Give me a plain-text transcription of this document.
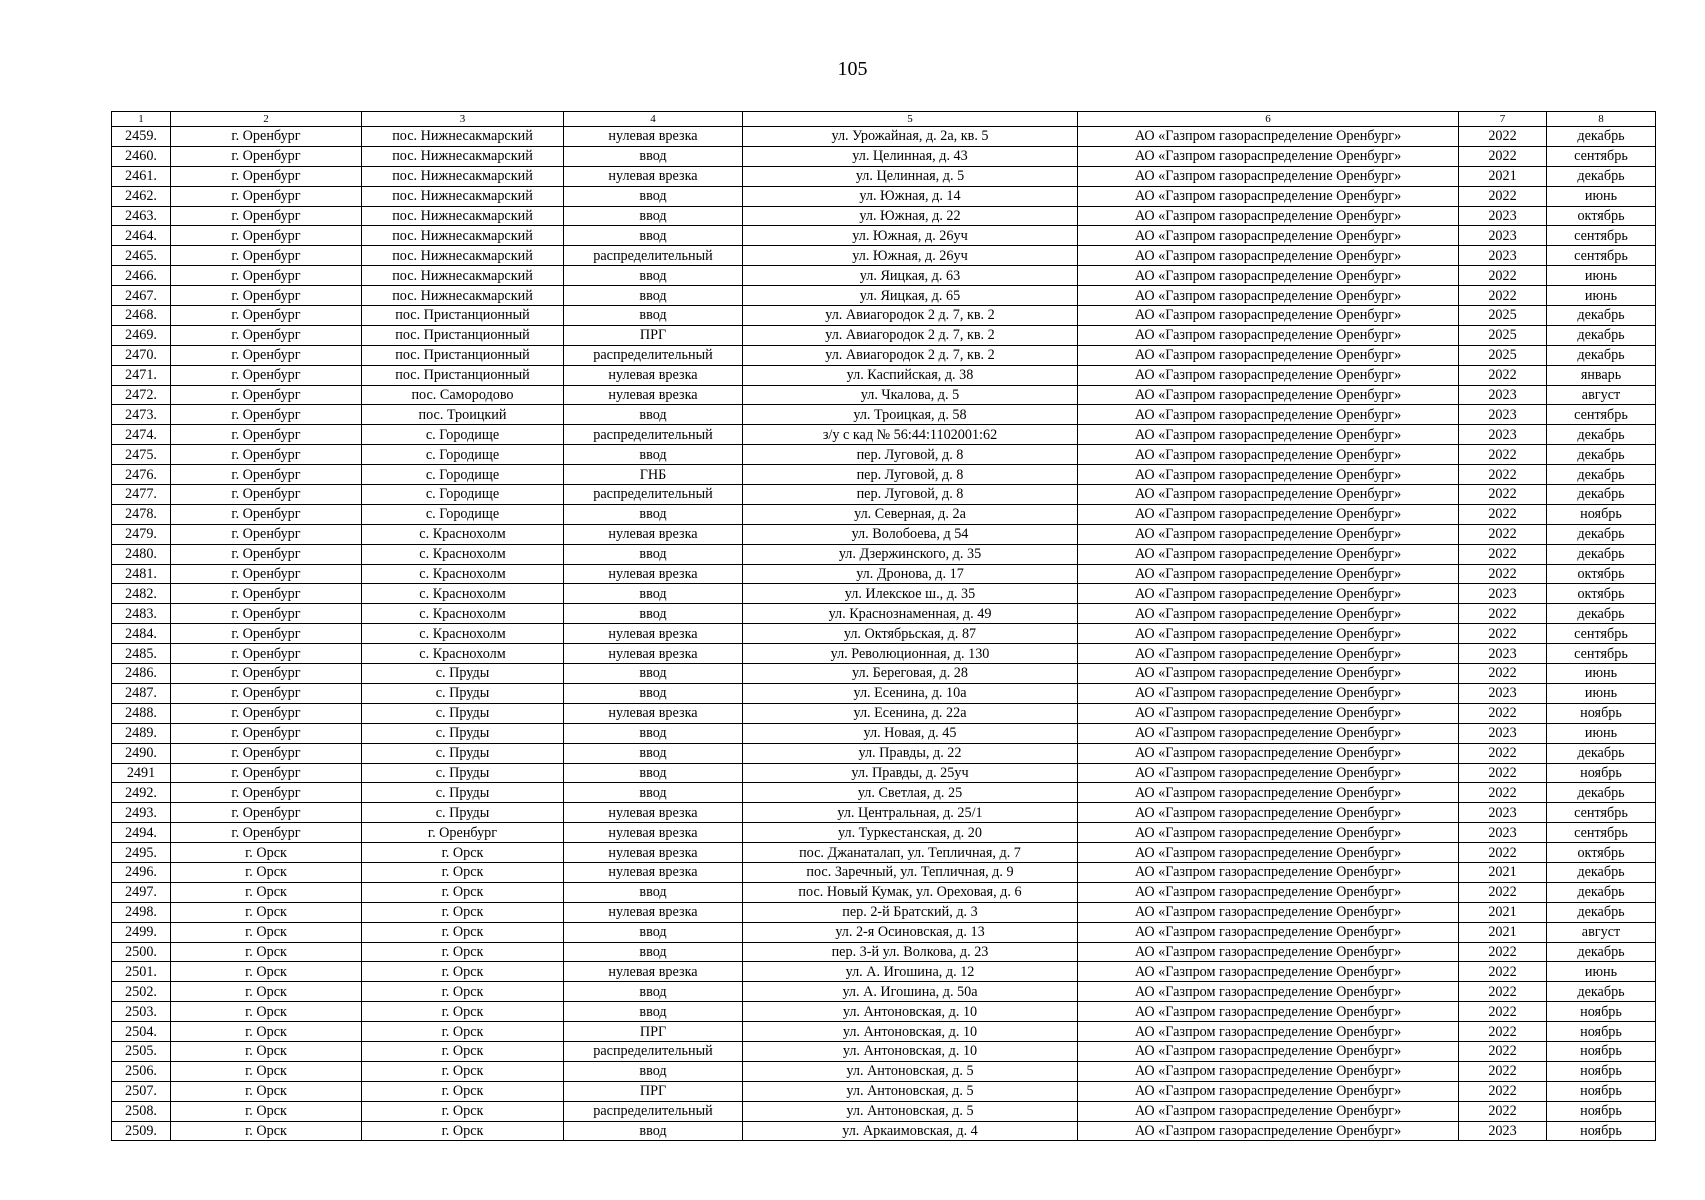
105
1	2	3	4	5	6	7	8
2459.	г. Оренбург	пос. Нижнесакмарский	нулевая врезка	ул. Урожайная, д. 2а, кв. 5	АО «Газпром газораспределение Оренбург»	2022	декабрь
2460.	г. Оренбург	пос. Нижнесакмарский	ввод	ул. Целинная, д. 43	АО «Газпром газораспределение Оренбург»	2022	сентябрь
2461.	г. Оренбург	пос. Нижнесакмарский	нулевая врезка	ул. Целинная, д. 5	АО «Газпром газораспределение Оренбург»	2021	декабрь
2462.	г. Оренбург	пос. Нижнесакмарский	ввод	ул. Южная, д. 14	АО «Газпром газораспределение Оренбург»	2022	июнь
2463.	г. Оренбург	пос. Нижнесакмарский	ввод	ул. Южная, д. 22	АО «Газпром газораспределение Оренбург»	2023	октябрь
2464.	г. Оренбург	пос. Нижнесакмарский	ввод	ул. Южная, д. 26уч	АО «Газпром газораспределение Оренбург»	2023	сентябрь
2465.	г. Оренбург	пос. Нижнесакмарский	распределительный	ул. Южная, д. 26уч	АО «Газпром газораспределение Оренбург»	2023	сентябрь
2466.	г. Оренбург	пос. Нижнесакмарский	ввод	ул. Яицкая, д. 63	АО «Газпром газораспределение Оренбург»	2022	июнь
2467.	г. Оренбург	пос. Нижнесакмарский	ввод	ул. Яицкая, д. 65	АО «Газпром газораспределение Оренбург»	2022	июнь
2468.	г. Оренбург	пос. Пристанционный	ввод	ул. Авиагородок 2 д. 7, кв. 2	АО «Газпром газораспределение Оренбург»	2025	декабрь
2469.	г. Оренбург	пос. Пристанционный	ПРГ	ул. Авиагородок 2 д. 7, кв. 2	АО «Газпром газораспределение Оренбург»	2025	декабрь
2470.	г. Оренбург	пос. Пристанционный	распределительный	ул. Авиагородок 2 д. 7, кв. 2	АО «Газпром газораспределение Оренбург»	2025	декабрь
2471.	г. Оренбург	пос. Пристанционный	нулевая врезка	ул. Каспийская, д. 38	АО «Газпром газораспределение Оренбург»	2022	январь
2472.	г. Оренбург	пос. Самородово	нулевая врезка	ул. Чкалова, д. 5	АО «Газпром газораспределение Оренбург»	2023	август
2473.	г. Оренбург	пос. Троицкий	ввод	ул. Троицкая, д. 58	АО «Газпром газораспределение Оренбург»	2023	сентябрь
2474.	г. Оренбург	с. Городище	распределительный	з/у с кад № 56:44:1102001:62	АО «Газпром газораспределение Оренбург»	2023	декабрь
2475.	г. Оренбург	с. Городище	ввод	пер. Луговой, д. 8	АО «Газпром газораспределение Оренбург»	2022	декабрь
2476.	г. Оренбург	с. Городище	ГНБ	пер. Луговой, д. 8	АО «Газпром газораспределение Оренбург»	2022	декабрь
2477.	г. Оренбург	с. Городище	распределительный	пер. Луговой, д. 8	АО «Газпром газораспределение Оренбург»	2022	декабрь
2478.	г. Оренбург	с. Городище	ввод	ул. Северная, д. 2а	АО «Газпром газораспределение Оренбург»	2022	ноябрь
2479.	г. Оренбург	с. Краснохолм	нулевая врезка	ул. Волобоева, д 54	АО «Газпром газораспределение Оренбург»	2022	декабрь
2480.	г. Оренбург	с. Краснохолм	ввод	ул. Дзержинского, д. 35	АО «Газпром газораспределение Оренбург»	2022	декабрь
2481.	г. Оренбург	с. Краснохолм	нулевая врезка	ул. Дронова, д. 17	АО «Газпром газораспределение Оренбург»	2022	октябрь
2482.	г. Оренбург	с. Краснохолм	ввод	ул. Илекское ш., д. 35	АО «Газпром газораспределение Оренбург»	2023	октябрь
2483.	г. Оренбург	с. Краснохолм	ввод	ул. Краснознаменная, д. 49	АО «Газпром газораспределение Оренбург»	2022	декабрь
2484.	г. Оренбург	с. Краснохолм	нулевая врезка	ул. Октябрьская, д. 87	АО «Газпром газораспределение Оренбург»	2022	сентябрь
2485.	г. Оренбург	с. Краснохолм	нулевая врезка	ул. Революционная, д. 130	АО «Газпром газораспределение Оренбург»	2023	сентябрь
2486.	г. Оренбург	с. Пруды	ввод	ул. Береговая, д. 28	АО «Газпром газораспределение Оренбург»	2022	июнь
2487.	г. Оренбург	с. Пруды	ввод	ул. Есенина, д. 10а	АО «Газпром газораспределение Оренбург»	2023	июнь
2488.	г. Оренбург	с. Пруды	нулевая врезка	ул. Есенина, д. 22а	АО «Газпром газораспределение Оренбург»	2022	ноябрь
2489.	г. Оренбург	с. Пруды	ввод	ул. Новая, д. 45	АО «Газпром газораспределение Оренбург»	2023	июнь
2490.	г. Оренбург	с. Пруды	ввод	ул. Правды, д. 22	АО «Газпром газораспределение Оренбург»	2022	декабрь
2491	г. Оренбург	с. Пруды	ввод	ул. Правды, д. 25уч	АО «Газпром газораспределение Оренбург»	2022	ноябрь
2492.	г. Оренбург	с. Пруды	ввод	ул. Светлая, д. 25	АО «Газпром газораспределение Оренбург»	2022	декабрь
2493.	г. Оренбург	с. Пруды	нулевая врезка	ул. Центральная, д. 25/1	АО «Газпром газораспределение Оренбург»	2023	сентябрь
2494.	г. Оренбург	г. Оренбург	нулевая врезка	ул. Туркестанская, д. 20	АО «Газпром газораспределение Оренбург»	2023	сентябрь
2495.	г. Орск	г. Орск	нулевая врезка	пос. Джанаталап, ул. Тепличная, д. 7	АО «Газпром газораспределение Оренбург»	2022	октябрь
2496.	г. Орск	г. Орск	нулевая врезка	пос. Заречный, ул. Тепличная, д. 9	АО «Газпром газораспределение Оренбург»	2021	декабрь
2497.	г. Орск	г. Орск	ввод	пос. Новый Кумак, ул. Ореховая, д. 6	АО «Газпром газораспределение Оренбург»	2022	декабрь
2498.	г. Орск	г. Орск	нулевая врезка	пер. 2-й Братский, д. 3	АО «Газпром газораспределение Оренбург»	2021	декабрь
2499.	г. Орск	г. Орск	ввод	ул. 2-я Осиновская, д. 13	АО «Газпром газораспределение Оренбург»	2021	август
2500.	г. Орск	г. Орск	ввод	пер. 3-й ул. Волкова, д. 23	АО «Газпром газораспределение Оренбург»	2022	декабрь
2501.	г. Орск	г. Орск	нулевая врезка	ул. А. Игошина, д. 12	АО «Газпром газораспределение Оренбург»	2022	июнь
2502.	г. Орск	г. Орск	ввод	ул. А. Игошина, д. 50а	АО «Газпром газораспределение Оренбург»	2022	декабрь
2503.	г. Орск	г. Орск	ввод	ул. Антоновская, д. 10	АО «Газпром газораспределение Оренбург»	2022	ноябрь
2504.	г. Орск	г. Орск	ПРГ	ул. Антоновская, д. 10	АО «Газпром газораспределение Оренбург»	2022	ноябрь
2505.	г. Орск	г. Орск	распределительный	ул. Антоновская, д. 10	АО «Газпром газораспределение Оренбург»	2022	ноябрь
2506.	г. Орск	г. Орск	ввод	ул. Антоновская, д. 5	АО «Газпром газораспределение Оренбург»	2022	ноябрь
2507.	г. Орск	г. Орск	ПРГ	ул. Антоновская, д. 5	АО «Газпром газораспределение Оренбург»	2022	ноябрь
2508.	г. Орск	г. Орск	распределительный	ул. Антоновская, д. 5	АО «Газпром газораспределение Оренбург»	2022	ноябрь
2509.	г. Орск	г. Орск	ввод	ул. Аркаимовская, д. 4	АО «Газпром газораспределение Оренбург»	2023	ноябрь
